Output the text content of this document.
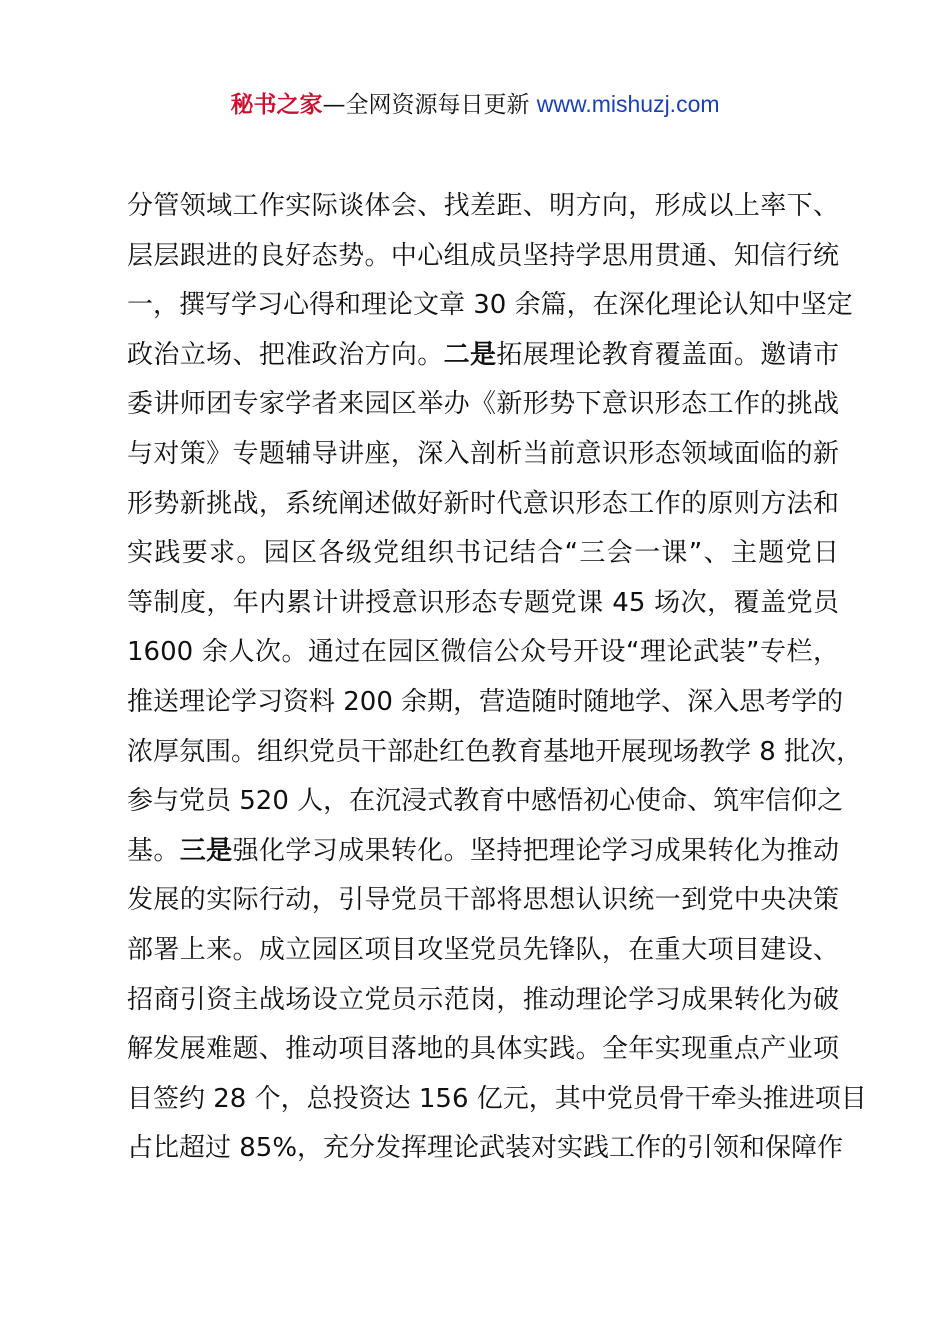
秘书之家—全网资源每日更新 www.mishuzj.com
分管领域工作实际谈体会、找差距、明方向，形成以上率下、
层层跟进的良好态势。中心组成员坚持学思用贯通、知信行统
一，撰写学习心得和理论文章 30 余篇，在深化理论认知中坚定
政治立场、把准政治方向。二是拓展理论教育覆盖面。邀请市
委讲师团专家学者来园区举办《新形势下意识形态工作的挑战
与对策》专题辅导讲座，深入剖析当前意识形态领域面临的新
形势新挑战，系统阐述做好新时代意识形态工作的原则方法和
实践要求。园区各级党组织书记结合“三会一课”、主题党日
等制度，年内累计讲授意识形态专题党课 45 场次，覆盖党员
1600 余人次。通过在园区微信公众号开设“理论武装”专栏，
推送理论学习资料 200 余期，营造随时随地学、深入思考学的
浓厚氛围。组织党员干部赴红色教育基地开展现场教学 8 批次，
参与党员 520 人，在沉浸式教育中感悟初心使命、筑牢信仰之
基。三是强化学习成果转化。坚持把理论学习成果转化为推动
发展的实际行动，引导党员干部将思想认识统一到党中央决策
部署上来。成立园区项目攻坚党员先锋队，在重大项目建设、
招商引资主战场设立党员示范岗，推动理论学习成果转化为破
解发展难题、推动项目落地的具体实践。全年实现重点产业项
目签约 28 个，总投资达 156 亿元，其中党员骨干牵头推进项目
占比超过 85%，充分发挥理论武装对实践工作的引领和保障作
